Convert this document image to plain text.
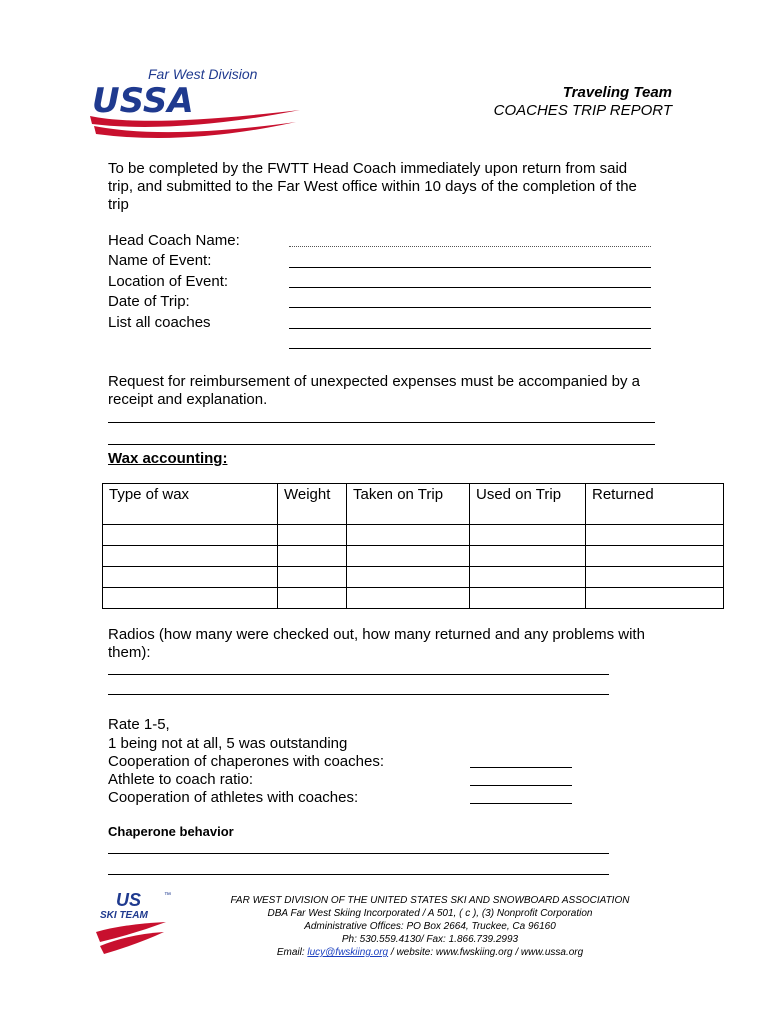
Far West Division
USSA	Traveling Team
COACHES TRIP REPORT
To be completed by the FWTT Head Coach immediately upon return from said trip, and submitted to the Far West office within 10 days of the completion of the trip
Head Coach Name:
Name of Event:
Location of Event:
Date of Trip:
List all coaches
Request for reimbursement of unexpected expenses must be accompanied by a receipt and explanation.
Wax accounting:
Type of wax	Weight	Taken on Trip	Used on Trip	Returned

Radios (how many were checked out, how many returned and any problems with them):
Rate 1-5,
1 being not at all, 5 was outstanding
Cooperation of chaperones with coaches:
Athlete to coach ratio:
Cooperation of athletes with coaches:
Chaperone behavior
US	™
SKI TEAM
FAR WEST DIVISION OF THE UNITED STATES SKI AND SNOWBOARD ASSOCIATION
DBA Far West Skiing Incorporated / A 501, ( c ), (3) Nonprofit Corporation
Administrative Offices: PO Box 2664, Truckee, Ca 96160
Ph: 530.559.4130/ Fax: 1.866.739.2993
Email: lucy@fwskiing.org / website: www.fwskiing.org / www.ussa.org
